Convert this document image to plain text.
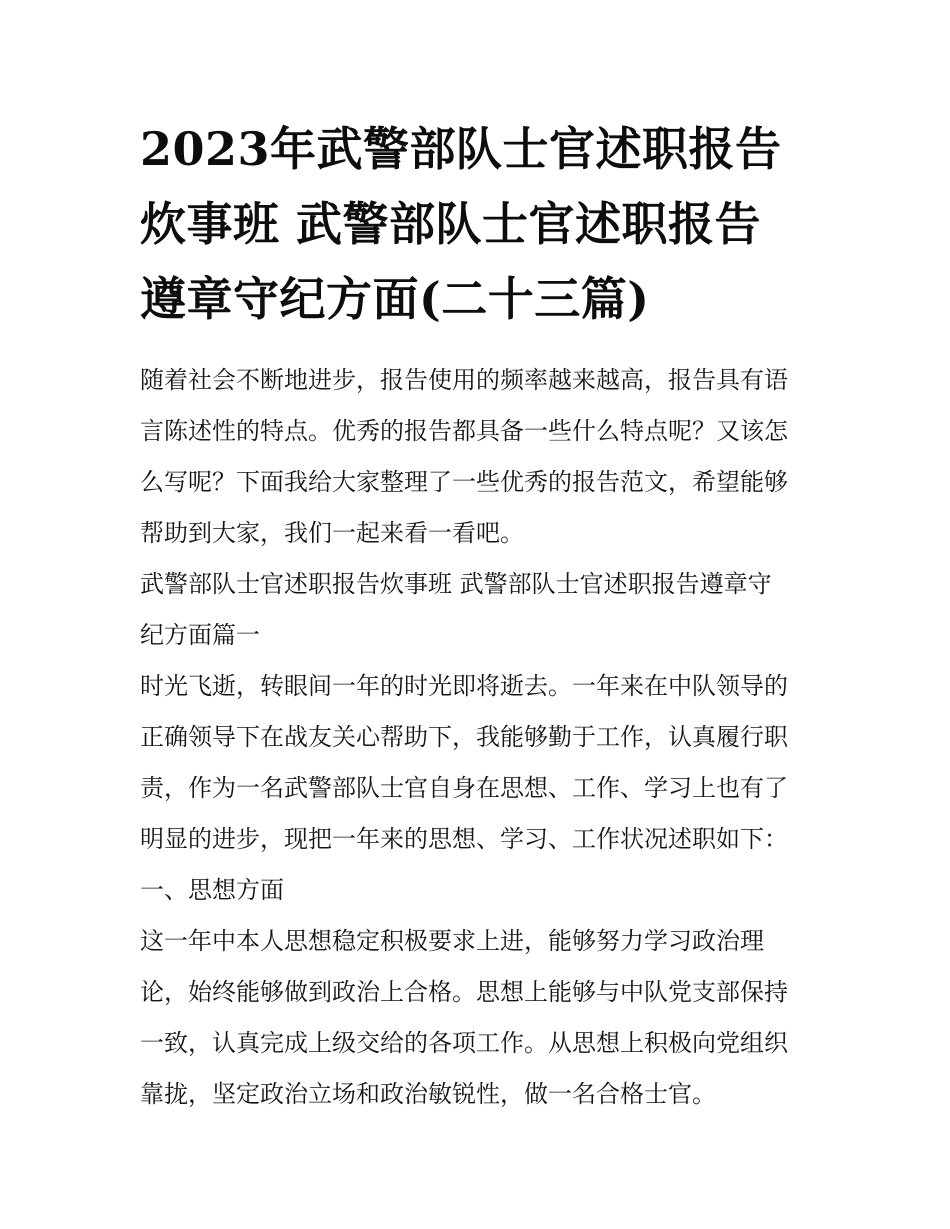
2023年武警部队士官述职报告
炊事班 武警部队士官述职报告
遵章守纪方面(二十三篇)

随着社会不断地进步，报告使用的频率越来越高，报告具有语
言陈述性的特点。优秀的报告都具备一些什么特点呢？又该怎
么写呢？下面我给大家整理了一些优秀的报告范文，希望能够
帮助到大家，我们一起来看一看吧。

武警部队士官述职报告炊事班 武警部队士官述职报告遵章守
纪方面篇一

时光飞逝，转眼间一年的时光即将逝去。一年来在中队领导的
正确领导下在战友关心帮助下，我能够勤于工作，认真履行职
责，作为一名武警部队士官自身在思想、工作、学习上也有了
明显的进步，现把一年来的思想、学习、工作状况述职如下：

一、思想方面

这一年中本人思想稳定积极要求上进，能够努力学习政治理
论，始终能够做到政治上合格。思想上能够与中队党支部保持
一致，认真完成上级交给的各项工作。从思想上积极向党组织
靠拢，坚定政治立场和政治敏锐性，做一名合格士官。
